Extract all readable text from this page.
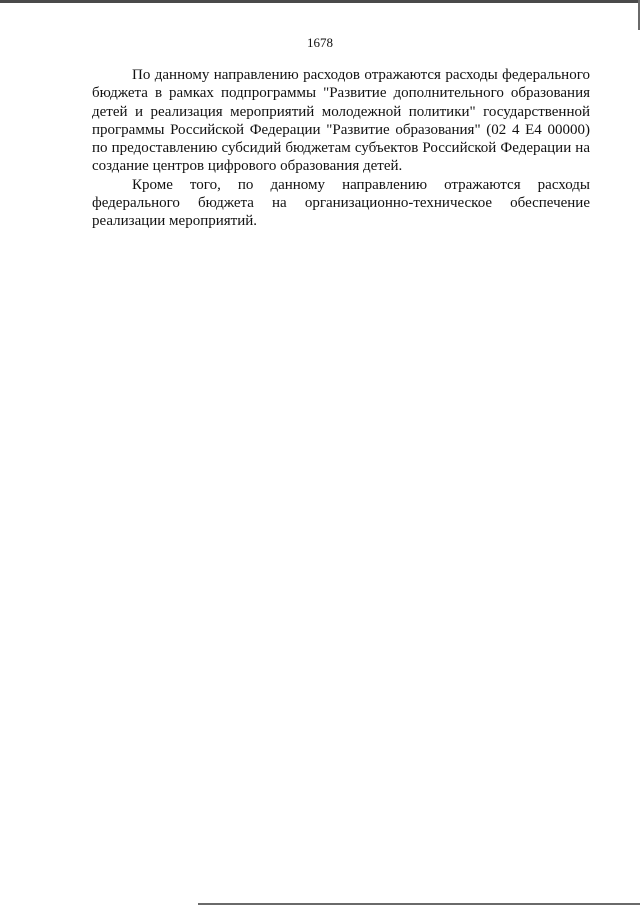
1678

По данному направлению расходов отражаются расходы федерального бюджета в рамках подпрограммы "Развитие дополнительного образования детей и реализация мероприятий молодежной политики" государственной программы Российской Федерации "Развитие образования" (02 4 Е4 00000) по предоставлению субсидий бюджетам субъектов Российской Федерации на создание центров цифрового образования детей.

Кроме того, по данному направлению отражаются расходы федерального бюджета на организационно-техническое обеспечение реализации мероприятий.
